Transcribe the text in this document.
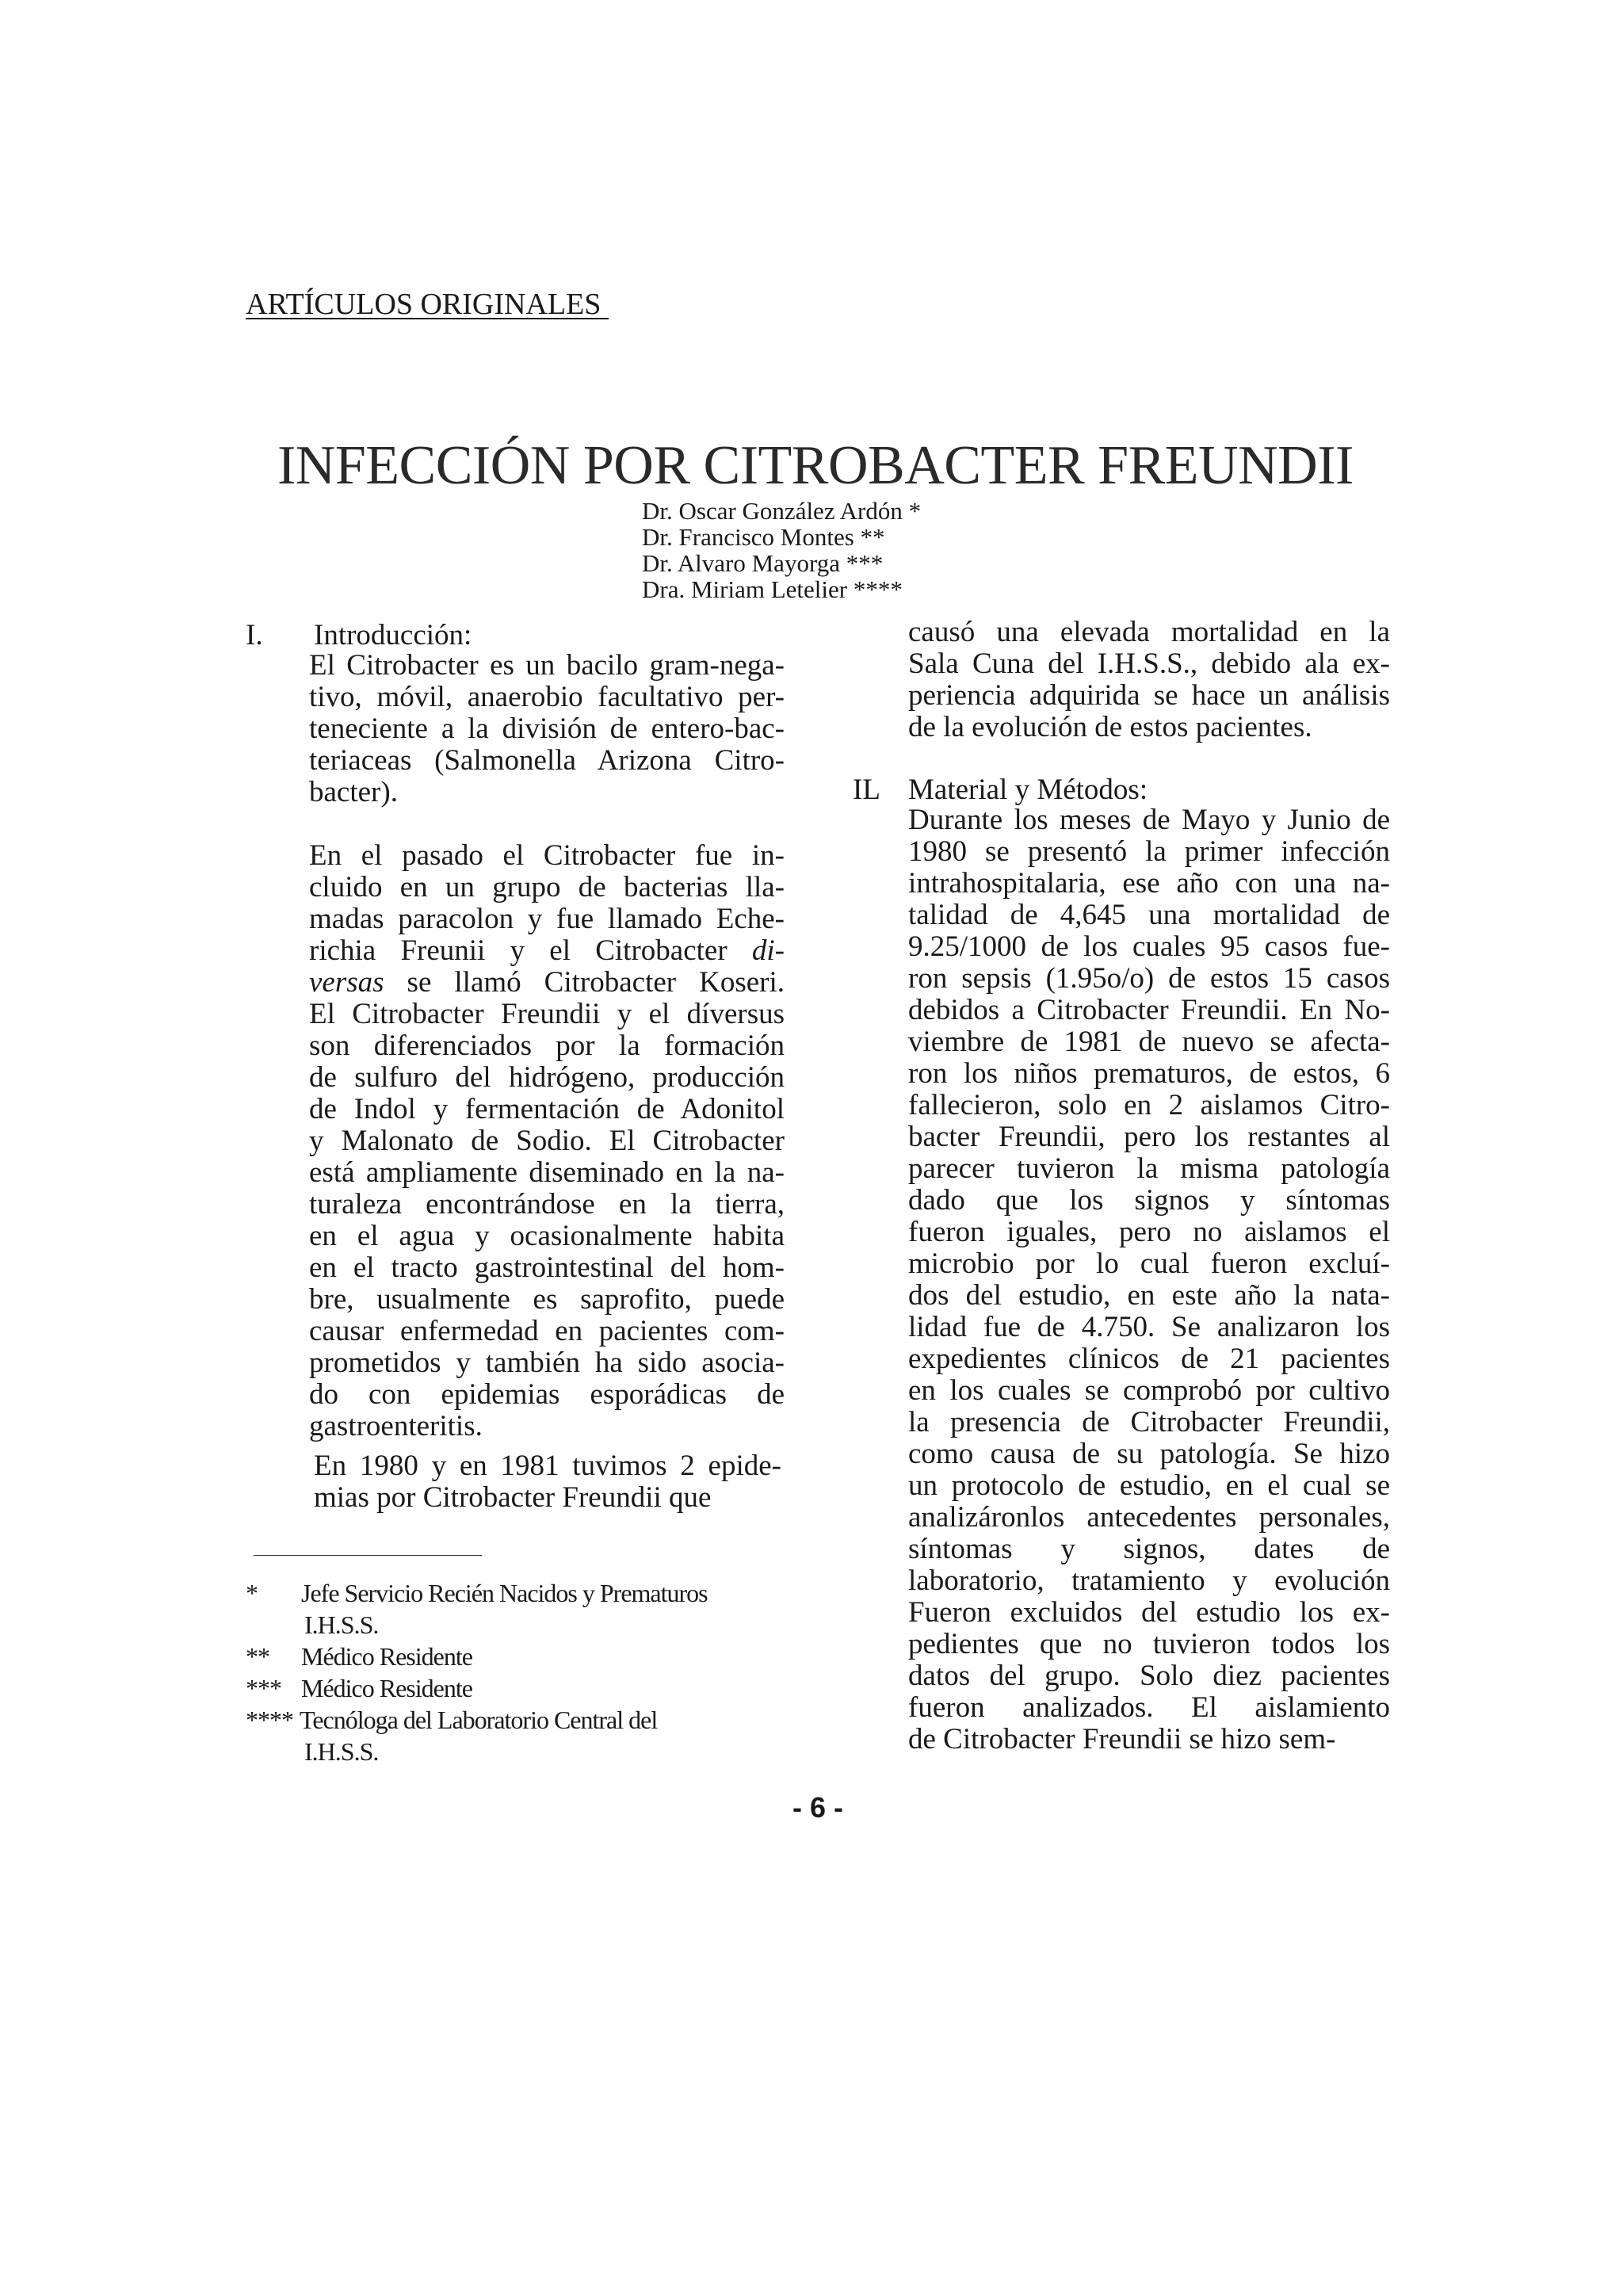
ARTÍCULOS ORIGINALES
INFECCIÓN POR CITROBACTER FREUNDII
Dr. Oscar González Ardón *
Dr. Francisco Montes **
Dr. Alvaro Mayorga ***
Dra. Miriam Letelier ****
I. Introducción:

El Citrobacter es un bacilo gram-nega-

tivo, móvil, anaerobio facultativo per-

teneciente a la división de entero-bac-

teriaceas (Salmonella Arizona Citro-

bacter).

En el pasado el Citrobacter fue in-

cluido en un grupo de bacterias lla-

madas paracolon y fue llamado Eche-

richia Freunii y el Citrobacter di-

versas se llamó Citrobacter Koseri.

El Citrobacter Freundii y el díversus

son diferenciados por la formación

de sulfuro del hidrógeno, producción

de Indol y fermentación de Adonitol

y Malonato de Sodio. El Citrobacter

está ampliamente diseminado en la na-

turaleza encontrándose en la tierra,

en el agua y ocasionalmente habita

en el tracto gastrointestinal del hom-

bre, usualmente es saprofito, puede

causar enfermedad en pacientes com-

prometidos y también ha sido asocia-

do con epidemias esporádicas de

gastroenteritis.

En 1980 y en 1981 tuvimos 2 epide-

mias por Citrobacter Freundii que

causó una elevada mortalidad en la

Sala Cuna del I.H.S.S., debido ala ex-

periencia adquirida se hace un análisis

de la evolución de estos pacientes.

IL Material y Métodos:

Durante los meses de Mayo y Junio de

1980 se presentó la primer infección

intrahospitalaria, ese año con una na-

talidad de 4,645 una mortalidad de

9.25/1000 de los cuales 95 casos fue-

ron sepsis (1.95o/o) de estos 15 casos

debidos a Citrobacter Freundii. En No-

viembre de 1981 de nuevo se afecta-

ron los niños prematuros, de estos, 6

fallecieron, solo en 2 aislamos Citro-

bacter Freundii, pero los restantes al

parecer tuvieron la misma patología

dado que los signos y síntomas

fueron iguales, pero no aislamos el

microbio por lo cual fueron excluí-

dos del estudio, en este año la nata-

lidad fue de 4.750. Se analizaron los

expedientes clínicos de 21 pacientes

en los cuales se comprobó por cultivo

la presencia de Citrobacter Freundii,

como causa de su patología. Se hizo

un protocolo de estudio, en el cual se

analizáronlos antecedentes personales,

síntomas y signos, dates de

laboratorio, tratamiento y evolución

Fueron excluidos del estudio los ex-

pedientes que no tuvieron todos los

datos del grupo. Solo diez pacientes

fueron analizados. El aislamiento

de Citrobacter Freundii se hizo sem-

* Jefe Servicio Recién Nacidos y Prematuros
I.H.S.S.
** Médico Residente
*** Médico Residente
**** Tecnóloga del Laboratorio Central del
I.H.S.S.
- 6 -
